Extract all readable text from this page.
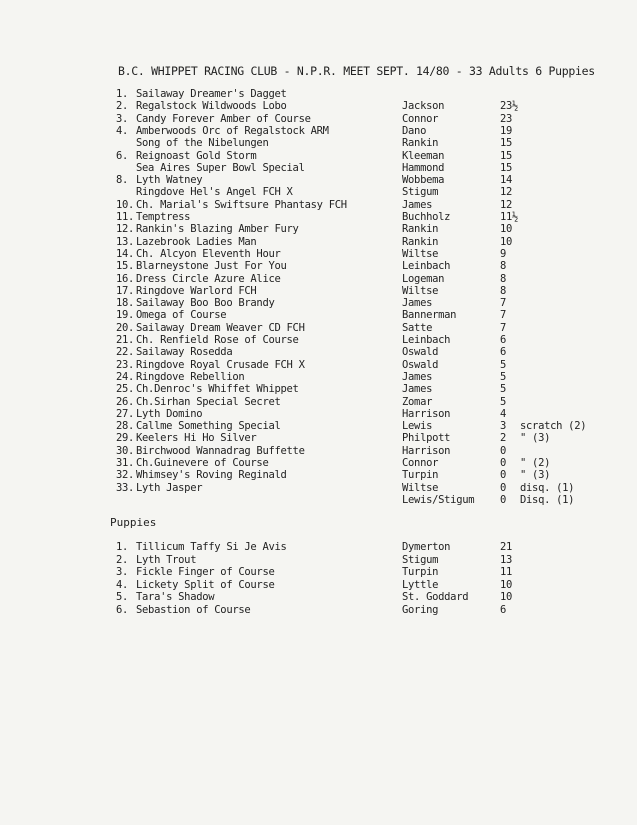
B.C. WHIPPET RACING CLUB - N.P.R. MEET SEPT. 14/80 - 33 Adults 6 Puppies
1. Sailaway Dreamer's Dagget
2. Regalstock Wildwoods Lobo	Jackson	23½
3. Candy Forever Amber of Course	Connor	23
4. Amberwoods Orc of Regalstock ARM	Dano	19
Song of the Nibelungen	Rankin	15
6. Reignoast Gold Storm	Kleeman	15
Sea Aires Super Bowl Special	Hammond	15
8. Lyth Watney	Wobbema	14
Ringdove Hel's Angel FCH X	Stigum	12
10. Ch. Marial's Swiftsure Phantasy FCH	James	12
11. Temptress	Buchholz	11½
12. Rankin's Blazing Amber Fury	Rankin	10
13. Lazebrook Ladies Man	Rankin	10
14. Ch. Alcyon Eleventh Hour	Wiltse	9
15. Blarneystone Just For You	Leinbach	8
16. Dress Circle Azure Alice	Logeman	8
17. Ringdove Warlord FCH	Wiltse	8
18. Sailaway Boo Boo Brandy	James	7
19. Omega of Course	Bannerman	7
20. Sailaway Dream Weaver CD FCH	Satte	7
21. Ch. Renfield Rose of Course	Leinbach	6
22. Sailaway Rosedda	Oswald	6
23. Ringdove Royal Crusade FCH X	Oswald	5
24. Ringdove Rebellion	James	5
25. Ch.Denroc's Whiffet Whippet	James	5
26. Ch.Sirhan Special Secret	Zomar	5
27. Lyth Domino	Harrison	4
28. Callme Something Special	Lewis	3 scratch (2)
29. Keelers Hi Ho Silver	Philpott	2 " (3)
30. Birchwood Wannadrag Buffette	Harrison	0
31. Ch.Guinevere of Course	Connor	0 " (2)
32. Whimsey's Roving Reginald	Turpin	0 " (3)
33. Lyth Jasper	Wiltse	0 disq. (1)
Lewis/Stigum 0 Disq. (1)
Puppies
1. Tillicum Taffy Si Je Avis	Dymerton	21
2. Lyth Trout	Stigum	13
3. Fickle Finger of Course	Turpin	11
4. Lickety Split of Course	Lyttle	10
5. Tara's Shadow	St. Goddard	10
6. Sebastion of Course	Goring	6
